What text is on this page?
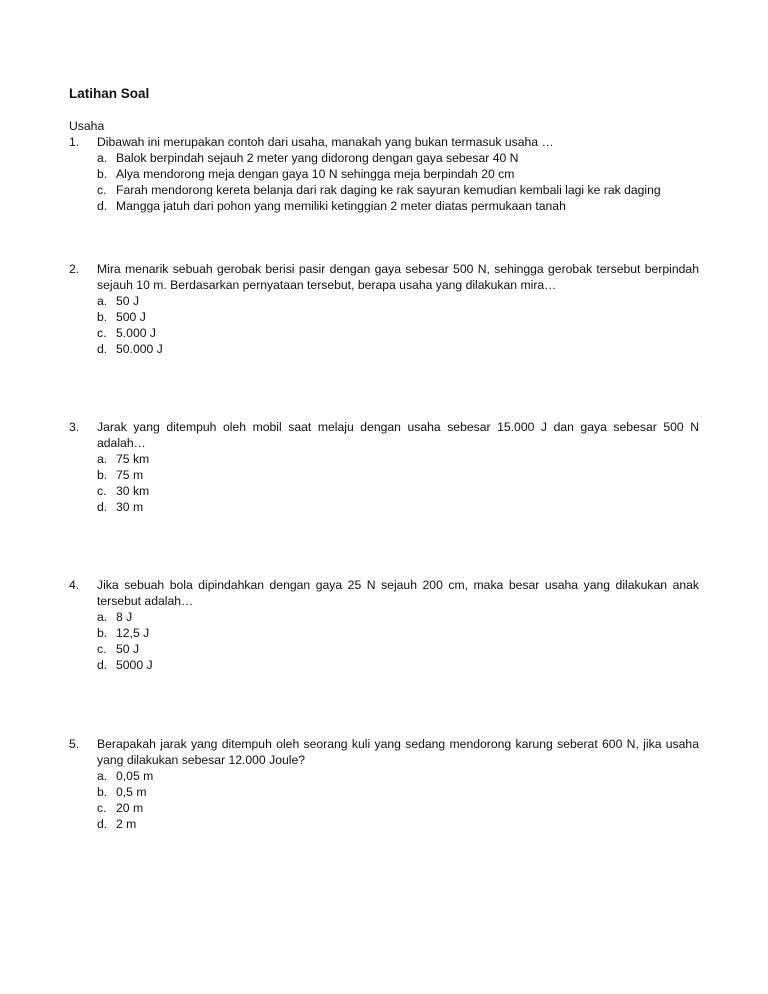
Latihan Soal
Usaha
1.	Dibawah ini merupakan contoh dari usaha, manakah yang bukan termasuk usaha …
a. Balok berpindah sejauh 2 meter yang didorong dengan gaya sebesar 40 N
b. Alya mendorong meja dengan gaya 10 N sehingga meja berpindah 20 cm
c. Farah mendorong kereta belanja dari rak daging ke rak sayuran kemudian kembali lagi ke rak daging
d. Mangga jatuh dari pohon yang memiliki ketinggian 2 meter diatas permukaan tanah
2.	Mira menarik sebuah gerobak berisi pasir dengan gaya sebesar 500 N, sehingga gerobak tersebut berpindah sejauh 10 m. Berdasarkan pernyataan tersebut, berapa usaha yang dilakukan mira…
a. 50 J
b. 500 J
c. 5.000 J
d. 50.000 J
3.	Jarak yang ditempuh oleh mobil saat melaju dengan usaha sebesar 15.000 J dan gaya sebesar 500 N adalah…
a. 75 km
b. 75 m
c. 30 km
d. 30 m
4.	Jika sebuah bola dipindahkan dengan gaya 25 N sejauh 200 cm, maka besar usaha yang dilakukan anak tersebut adalah…
a. 8 J
b. 12,5 J
c. 50 J
d. 5000 J
5.	Berapakah jarak yang ditempuh oleh seorang kuli yang sedang mendorong karung seberat 600 N, jika usaha yang dilakukan sebesar 12.000 Joule?
a. 0,05 m
b. 0,5 m
c. 20 m
d. 2 m
